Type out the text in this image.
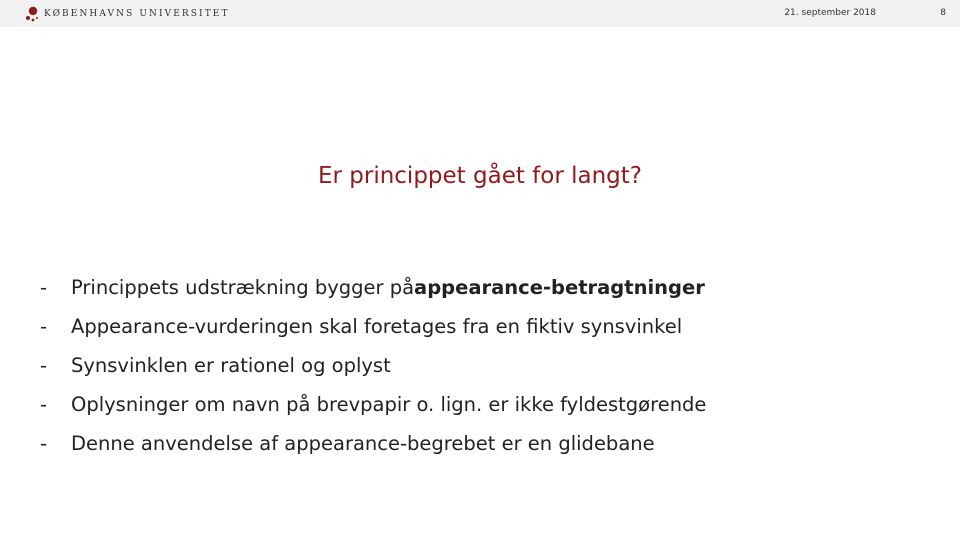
KØBENHAVNS UNIVERSITET	21. september 2018	8
Er princippet gået for langt?
-	Princippets udstrækning bygger på appearance-betragtninger
-	Appearance-vurderingen skal foretages fra en fiktiv synsvinkel
-	Synsvinklen er rationel og oplyst
-	Oplysninger om navn på brevpapir o. lign. er ikke fyldestgørende
-	Denne anvendelse af appearance-begrebet er en glidebane
